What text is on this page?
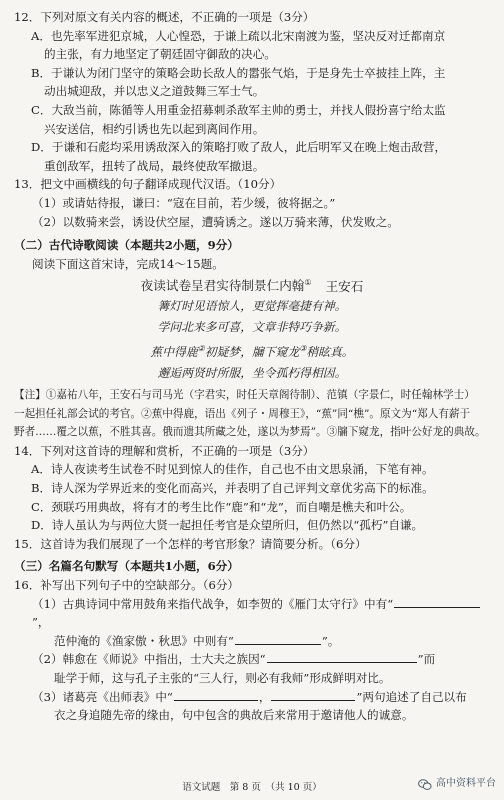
12．下列对原文有关内容的概述，不正确的一项是（3分）
A．也先率军进犯京城，人心惶恐，于谦上疏以北宋南渡为鉴，坚决反对迁都南京
的主张，有力地坚定了朝廷固守御敌的决心。
B．于谦认为闭门坚守的策略会助长敌人的嚣张气焰，于是身先士卒披挂上阵，主
动出城迎敌，并以忠义之道鼓舞三军士气。
C．大敌当前，陈循等人用重金招募刺杀敌军主帅的勇士，并找人假扮喜宁给太监
兴安送信，相约引诱也先以起到离间作用。
D．于谦和石彪均采用诱敌深入的策略打败了敌人，此后明军又在晚上炮击敌营，
重创敌军，扭转了战局，最终使敌军撤退。
13．把文中画横线的句子翻译成现代汉语。（10分）
（1）或请姑待报，谦曰：“寇在目前，若少缓，彼将据之。”
（2）以数骑来尝，诱设伏空屋，遭骑诱之。遂以万骑来薄，伏发败之。
（二）古代诗歌阅读（本题共2小题，9分）
阅读下面这首宋诗，完成14～15题。
夜读试卷呈君实待制景仁内翰① 王安石
篝灯时见语惊人，更觉挥毫捷有神。
学问北来多可喜，文章非特巧争新。
蕉中得鹿②初疑梦，牖下窥龙③稍眩真。
邂逅两贤时所服，坐令孤朽得相因。
【注】①嘉祐八年，王安石与司马光（字君实，时任天章阁待制）、范镇（字景仁，时任翰林学士）
一起担任礼部会试的考官。②蕉中得鹿，语出《列子・周穆王》，“蕉”同“樵”。原文为“郑人有薪于
野者……覆之以蕉，不胜其喜。俄而遗其所藏之处，遂以为梦焉”。③牖下窥龙，指叶公好龙的典故。
14．下列对这首诗的理解和赏析，不正确的一项是（3分）
A．诗人夜读考生试卷不时见到惊人的佳作，自己也不由文思泉涌，下笔有神。
B．诗人深为学界近来的变化而高兴，并表明了自己评判文章优劣高下的标准。
C．颈联巧用典故，将有才的考生比作“鹿”和“龙”，而自嘲是樵夫和叶公。
D．诗人虽认为与两位大贤一起担任考官是众望所归，但仍然以“孤朽”自谦。
15．这首诗为我们展现了一个怎样的考官形象？请简要分析。（6分）
（三）名篇名句默写（本题共1小题，6分）
16．补写出下列句子中的空缺部分。（6分）
（1）古典诗词中常用鼓角来指代战争，如李贺的《雁门太守行》中有“”，
范仲淹的《渔家傲・秋思》中则有“	”。
（2）韩愈在《师说》中指出，士大夫之族因“	”而
耻学于师，这与孔子主张的“三人行，则必有我师”形成鲜明对比。
（3）诸葛亮《出师表》中“	，	”两句追述了自己以布
衣之身追随先帝的缘由，句中包含的典故后来常用于邀请他人的诚意。
语文试题　第 8 页　（共 10 页）	高中资料平台
